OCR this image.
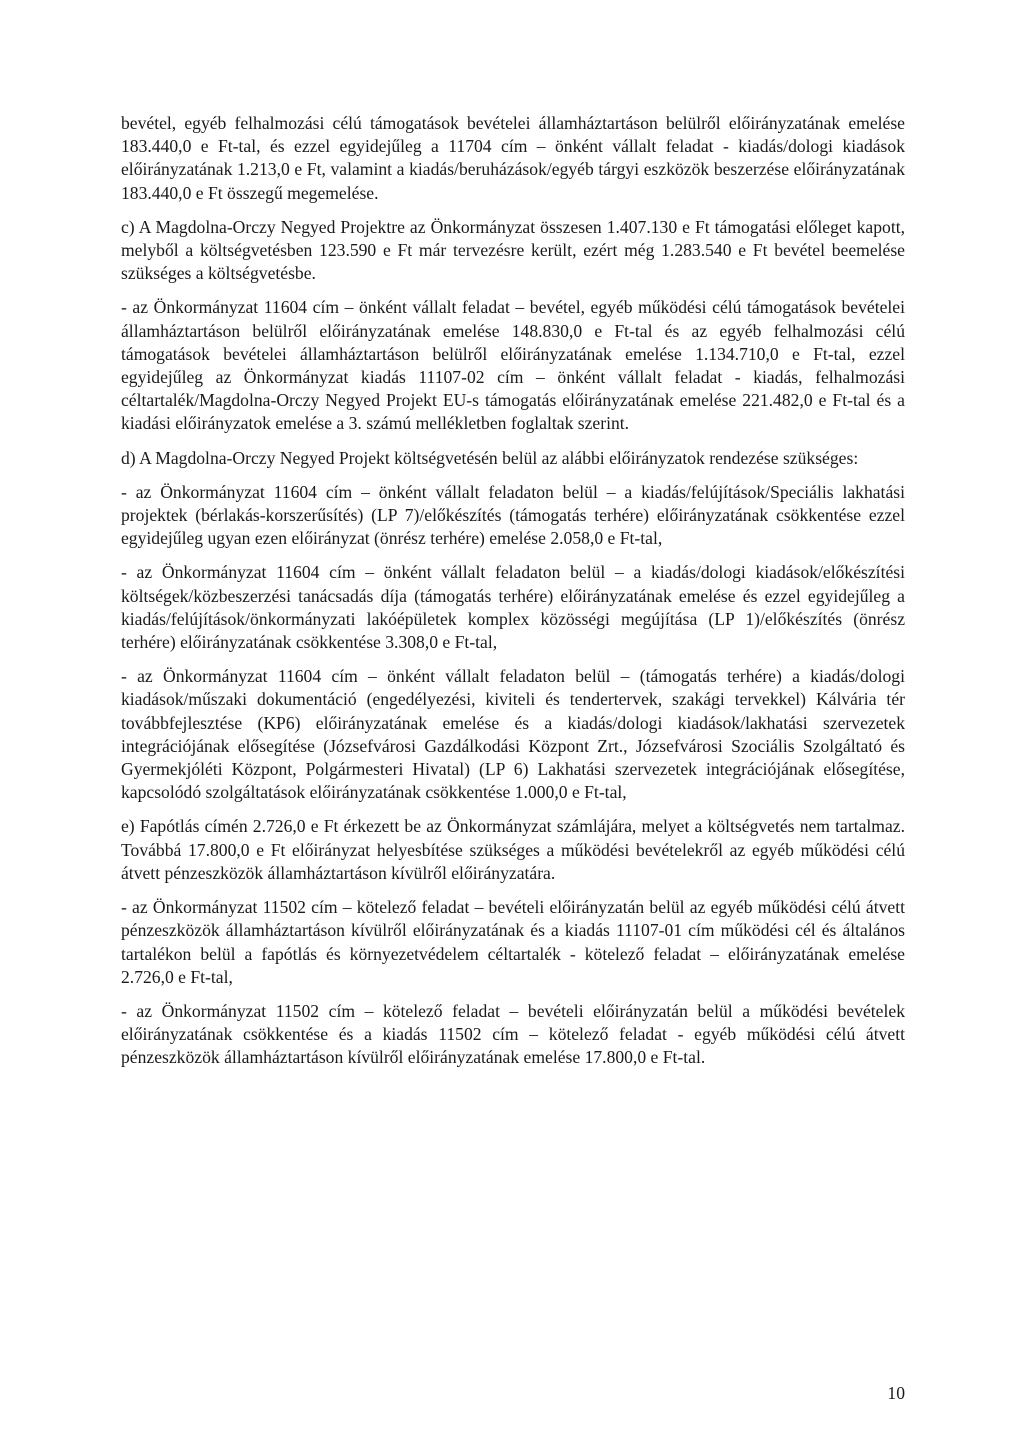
bevétel, egyéb felhalmozási célú támogatások bevételei államháztartáson belülről előirányzatának emelése 183.440,0 e Ft-tal, és ezzel egyidejűleg a 11704 cím – önként vállalt feladat - kiadás/dologi kiadások előirányzatának 1.213,0 e Ft, valamint a kiadás/beruházások/egyéb tárgyi eszközök beszerzése előirányzatának 183.440,0 e Ft összegű megemelése.

c) A Magdolna-Orczy Negyed Projektre az Önkormányzat összesen 1.407.130 e Ft támogatási előleget kapott, melyből a költségvetésben 123.590 e Ft már tervezésre került, ezért még 1.283.540 e Ft bevétel beemelése szükséges a költségvetésbe.

- az Önkormányzat 11604 cím – önként vállalt feladat – bevétel, egyéb működési célú támogatások bevételei államháztartáson belülről előirányzatának emelése 148.830,0 e Ft-tal és az egyéb felhalmozási célú támogatások bevételei államháztartáson belülről előirányzatának emelése 1.134.710,0 e Ft-tal, ezzel egyidejűleg az Önkormányzat kiadás 11107-02 cím – önként vállalt feladat - kiadás, felhalmozási céltartalék/Magdolna-Orczy Negyed Projekt EU-s támogatás előirányzatának emelése 221.482,0 e Ft-tal és a kiadási előirányzatok emelése a 3. számú mellékletben foglaltak szerint.

d) A Magdolna-Orczy Negyed Projekt költségvetésén belül az alábbi előirányzatok rendezése szükséges:

- az Önkormányzat 11604 cím – önként vállalt feladaton belül – a kiadás/felújítások/Speciális lakhatási projektek (bérlakás-korszerűsítés) (LP 7)/előkészítés (támogatás terhére) előirányzatának csökkentése ezzel egyidejűleg ugyan ezen előirányzat (önrész terhére) emelése 2.058,0 e Ft-tal,

- az Önkormányzat 11604 cím – önként vállalt feladaton belül – a kiadás/dologi kiadások/előkészítési költségek/közbeszerzési tanácsadás díja (támogatás terhére) előirányzatának emelése és ezzel egyidejűleg a kiadás/felújítások/önkormányzati lakóépületek komplex közösségi megújítása (LP 1)/előkészítés (önrész terhére) előirányzatának csökkentése 3.308,0 e Ft-tal,

- az Önkormányzat 11604 cím – önként vállalt feladaton belül – (támogatás terhére) a kiadás/dologi kiadások/műszaki dokumentáció (engedélyezési, kiviteli és tendertervek, szakági tervekkel) Kálvária tér továbbfejlesztése (KP6) előirányzatának emelése és a kiadás/dologi kiadások/lakhatási szervezetek integrációjának elősegítése (Józsefvárosi Gazdálkodási Központ Zrt., Józsefvárosi Szociális Szolgáltató és Gyermekjóléti Központ, Polgármesteri Hivatal) (LP 6) Lakhatási szervezetek integrációjának elősegítése, kapcsolódó szolgáltatások előirányzatának csökkentése 1.000,0 e Ft-tal,

e) Fapótlás címén 2.726,0 e Ft érkezett be az Önkormányzat számlájára, melyet a költségvetés nem tartalmaz. Továbbá 17.800,0 e Ft előirányzat helyesbítése szükséges a működési bevételekről az egyéb működési célú átvett pénzeszközök államháztartáson kívülről előirányzatára.

- az Önkormányzat 11502 cím – kötelező feladat – bevételi előirányzatán belül az egyéb működési célú átvett pénzeszközök államháztartáson kívülről előirányzatának és a kiadás 11107-01 cím működési cél és általános tartalékon belül a fapótlás és környezetvédelem céltartalék - kötelező feladat – előirányzatának emelése 2.726,0 e Ft-tal,

- az Önkormányzat 11502 cím – kötelező feladat – bevételi előirányzatán belül a működési bevételek előirányzatának csökkentése és a kiadás 11502 cím – kötelező feladat - egyéb működési célú átvett pénzeszközök államháztartáson kívülről előirányzatának emelése 17.800,0 e Ft-tal.

10
